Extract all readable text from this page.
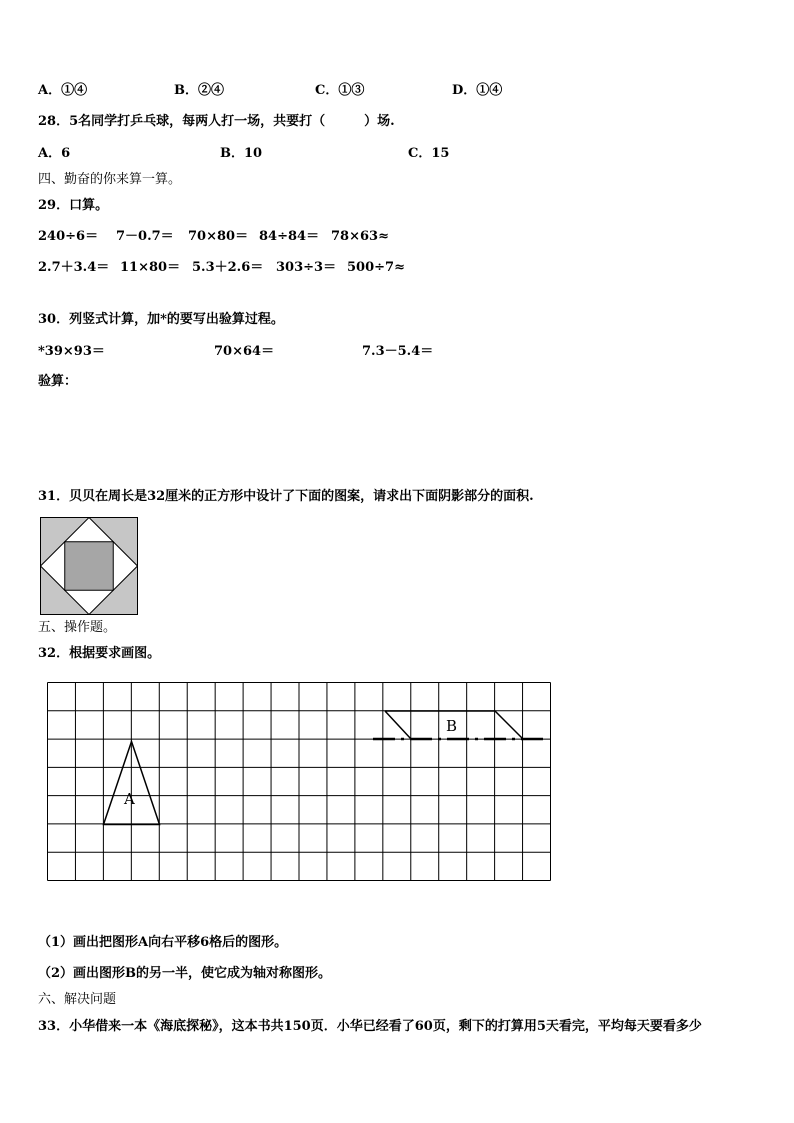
A．①④	B．②④	C．①③	D．①④
28．5名同学打乒乓球，每两人打一场，共要打（　　　）场.
A．6	B．10	C．15
四、勤奋的你来算一算。
29．口算。
240÷6＝ 7－0.7＝ 70×80＝ 84÷84＝ 78×63≈
2.7＋3.4＝ 11×80＝ 5.3＋2.6＝ 303÷3＝ 500÷7≈
30．列竖式计算，加*的要写出验算过程。
*39×93＝	70×64＝	7.3－5.4＝
验算：
31．贝贝在周长是32厘米的正方形中设计了下面的图案，请求出下面阴影部分的面积.
五、操作题。
32．根据要求画图。
A
B
（1）画出把图形A向右平移6格后的图形。
（2）画出图形B的另一半，使它成为轴对称图形。
六、解决问题
33．小华借来一本《海底探秘》，这本书共150页．小华已经看了60页，剩下的打算用5天看完，平均每天要看多少
